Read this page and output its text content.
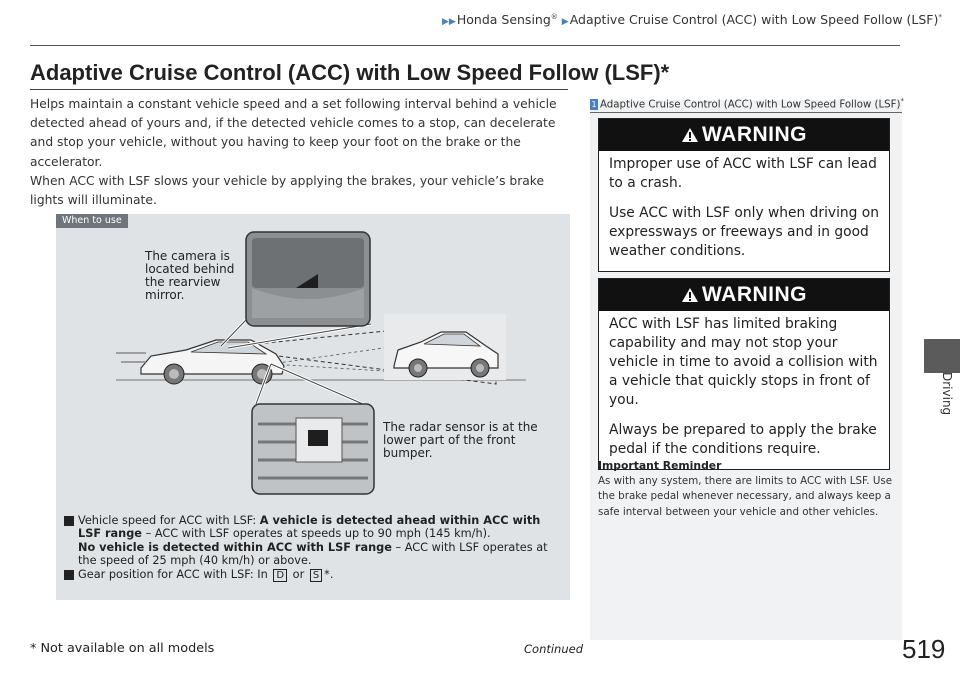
▶▶Honda Sensing® ▶Adaptive Cruise Control (ACC) with Low Speed Follow (LSF)*
Driving
Adaptive Cruise Control (ACC) with Low Speed Follow (LSF)*

Helps maintain a constant vehicle speed and a set following interval behind a vehicle detected ahead of yours and, if the detected vehicle comes to a stop, can decelerate and stop your vehicle, without you having to keep your foot on the brake or the accelerator.

When ACC with LSF slows your vehicle by applying the brakes, your vehicle’s brake lights will illuminate.

When to use
The camera is located behind the rearview mirror.
The radar sensor is at the lower part of the front bumper.
Vehicle speed for ACC with LSF: A vehicle is detected ahead within ACC with LSF range – ACC with LSF operates at speeds up to 90 mph (145 km/h).
No vehicle is detected within ACC with LSF range – ACC with LSF operates at the speed of 25 mph (40 km/h) or above.
Gear position for ACC with LSF: In D or S *.
1 Adaptive Cruise Control (ACC) with Low Speed Follow (LSF)*
WARNING

Improper use of ACC with LSF can lead to a crash.

Use ACC with LSF only when driving on expressways or freeways and in good weather conditions.

WARNING

ACC with LSF has limited braking capability and may not stop your vehicle in time to avoid a collision with a vehicle that quickly stops in front of you.

Always be prepared to apply the brake pedal if the conditions require.

Important Reminder
As with any system, there are limits to ACC with LSF. Use the brake pedal whenever necessary, and always keep a safe interval between your vehicle and other vehicles.
* Not available on all models	Continued	519
